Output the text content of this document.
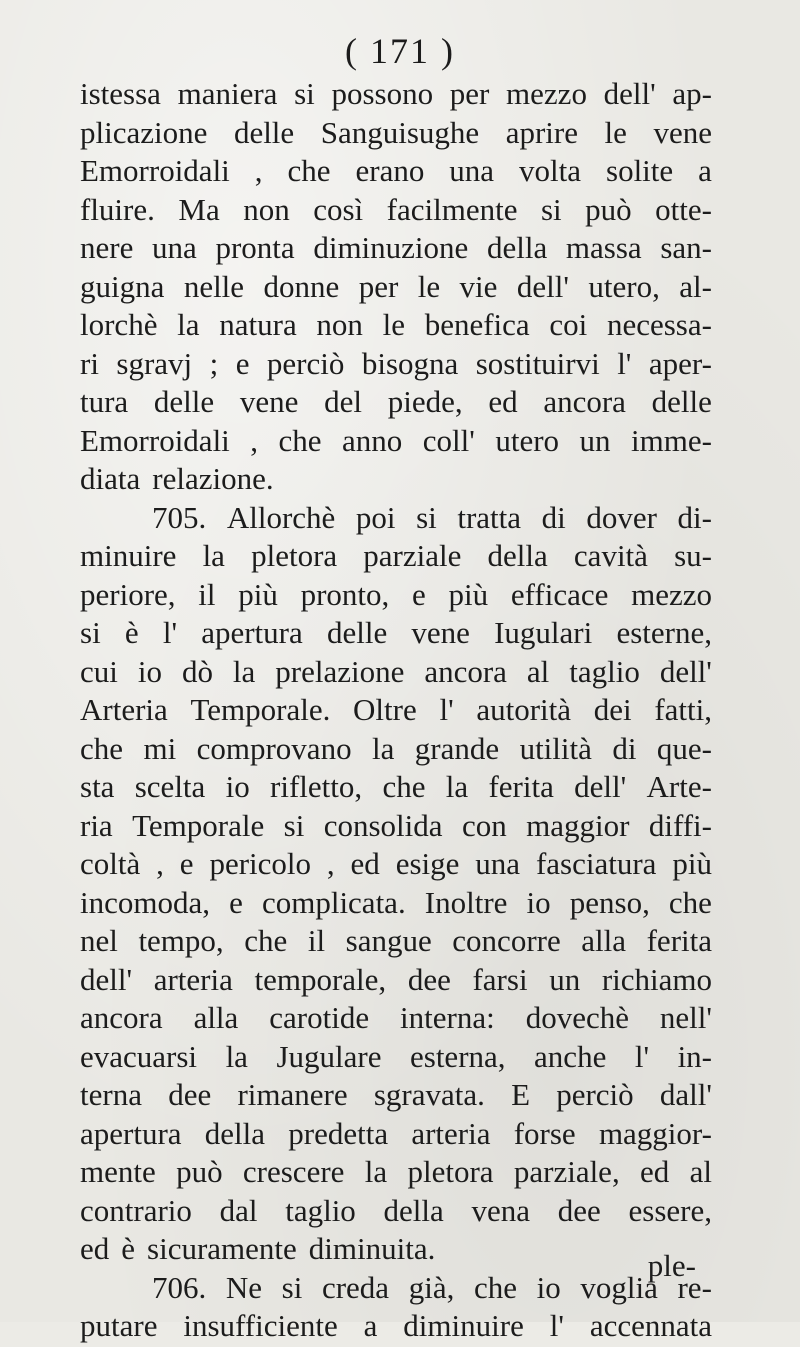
( 171 )
istessa maniera si possono per mezzo dell' ap-
plicazione delle Sanguisughe aprire le vene
Emorroidali , che erano una volta solite a
fluire. Ma non così facilmente si può otte-
nere una pronta diminuzione della massa san-
guigna nelle donne per le vie dell' utero, al-
lorchè la natura non le benefica coi necessa-
ri sgravj ; e perciò bisogna sostituirvi l' aper-
tura delle vene del piede, ed ancora delle
Emorroidali , che anno coll' utero un imme-
diata relazione.
705. Allorchè poi si tratta di dover di-
minuire la pletora parziale della cavità su-
periore, il più pronto, e più efficace mezzo
si è l' apertura delle vene Iugulari esterne,
cui io dò la prelazione ancora al taglio dell'
Arteria Temporale. Oltre l' autorità dei fatti,
che mi comprovano la grande utilità di que-
sta scelta io rifletto, che la ferita dell' Arte-
ria Temporale si consolida con maggior diffi-
coltà , e pericolo , ed esige una fasciatura più
incomoda, e complicata. Inoltre io penso, che
nel tempo, che il sangue concorre alla ferita
dell' arteria temporale, dee farsi un richiamo
ancora alla carotide interna: dovechè nell'
evacuarsi la Jugulare esterna, anche l' in-
terna dee rimanere sgravata. E perciò dall'
apertura della predetta arteria forse maggior-
mente può crescere la pletora parziale, ed al
contrario dal taglio della vena dee essere,
ed è sicuramente diminuita.
706. Ne si creda già, che io voglia re-
putare insufficiente a diminuire l' accennata
ple-
